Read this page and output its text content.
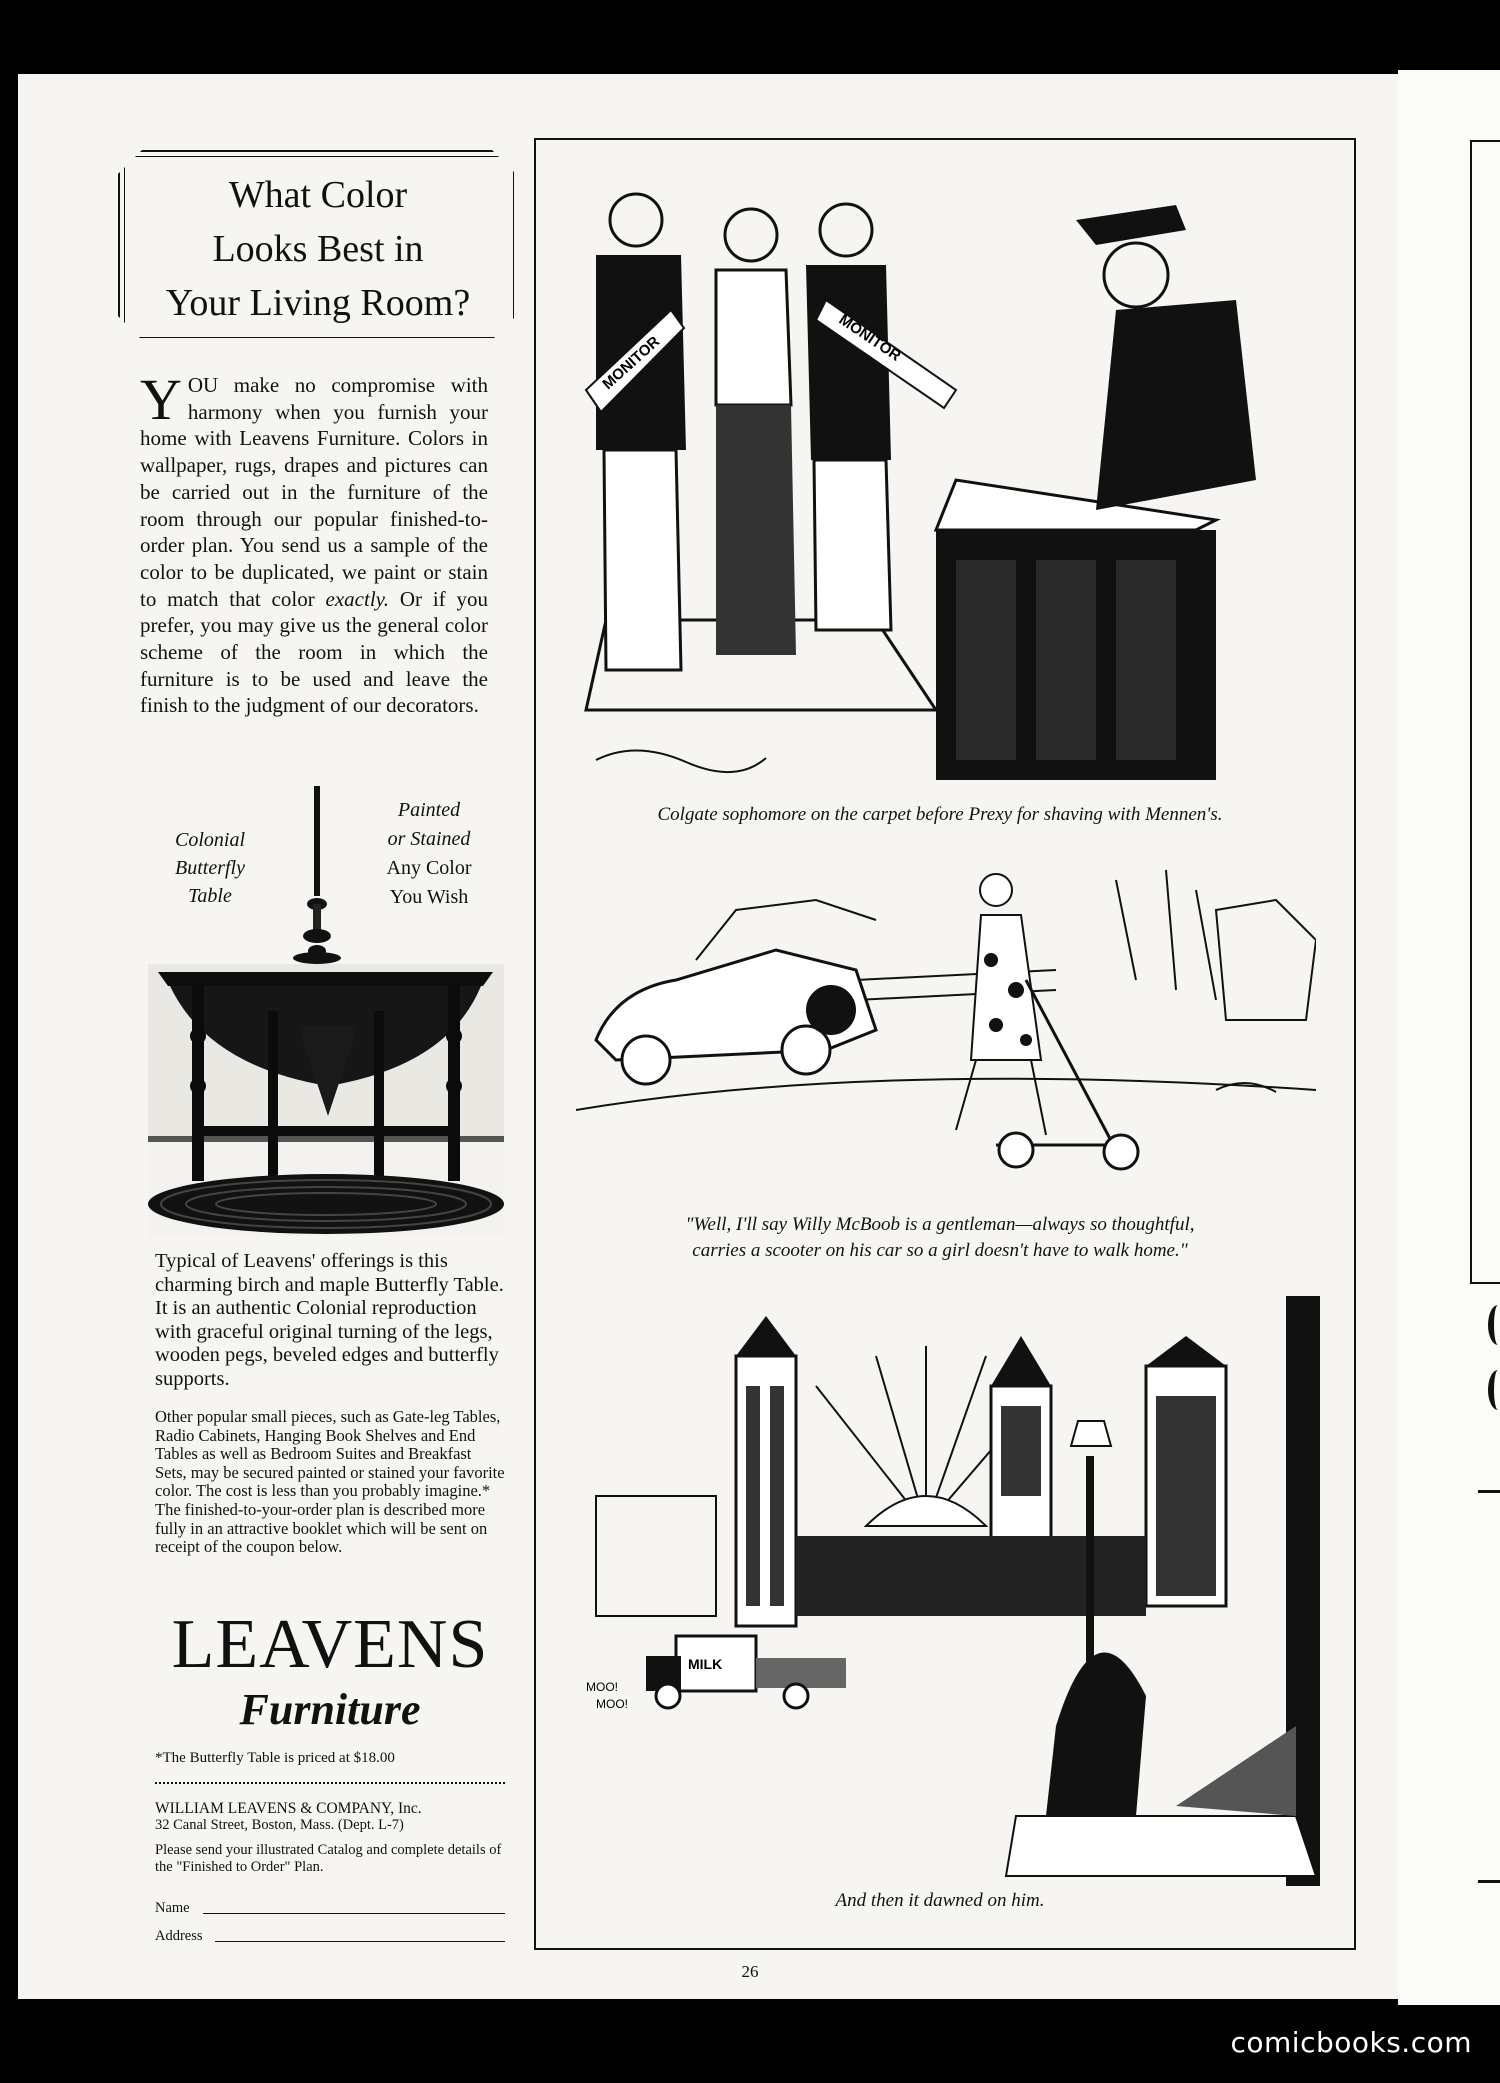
What Color
Looks Best in
Your Living Room?
YOU make no compromise with harmony when you furnish your home with Leavens Furniture. Colors in wallpaper, rugs, drapes and pictures can be carried out in the furniture of the room through our popular finished-to-order plan. You send us a sample of the color to be duplicated, we paint or stain to match that color exactly. Or if you prefer, you may give us the general color scheme of the room in which the furniture is to be used and leave the finish to the judgment of our decorators.
Colonial
Butterfly
Table
Painted
or Stained
Any Color
You Wish
Typical of Leavens' offerings is this charming birch and maple Butterfly Table. It is an authentic Colonial reproduction with graceful original turning of the legs, wooden pegs, beveled edges and butterfly supports.
Other popular small pieces, such as Gate-leg Tables, Radio Cabinets, Hanging Book Shelves and End Tables as well as Bedroom Suites and Breakfast Sets, may be secured painted or stained your favorite color. The cost is less than you probably imagine.* The finished-to-your-order plan is described more fully in an attractive booklet which will be sent on receipt of the coupon below.
LEAVENS
Furniture
*The Butterfly Table is priced at $18.00
WILLIAM LEAVENS & COMPANY, Inc.
32 Canal Street, Boston, Mass. (Dept. L-7)
Please send your illustrated Catalog and complete details of the "Finished to Order" Plan.
Name
Address
MONITOR	MONITOR
Colgate sophomore on the carpet before Prexy for shaving with Mennen's.
"Well, I'll say Willy McBoob is a gentleman—always so thoughtful,
carries a scooter on his car so a girl doesn't have to walk home."
MILK
MOO!
MOO!
And then it dawned on him.
26
comicbooks.com
